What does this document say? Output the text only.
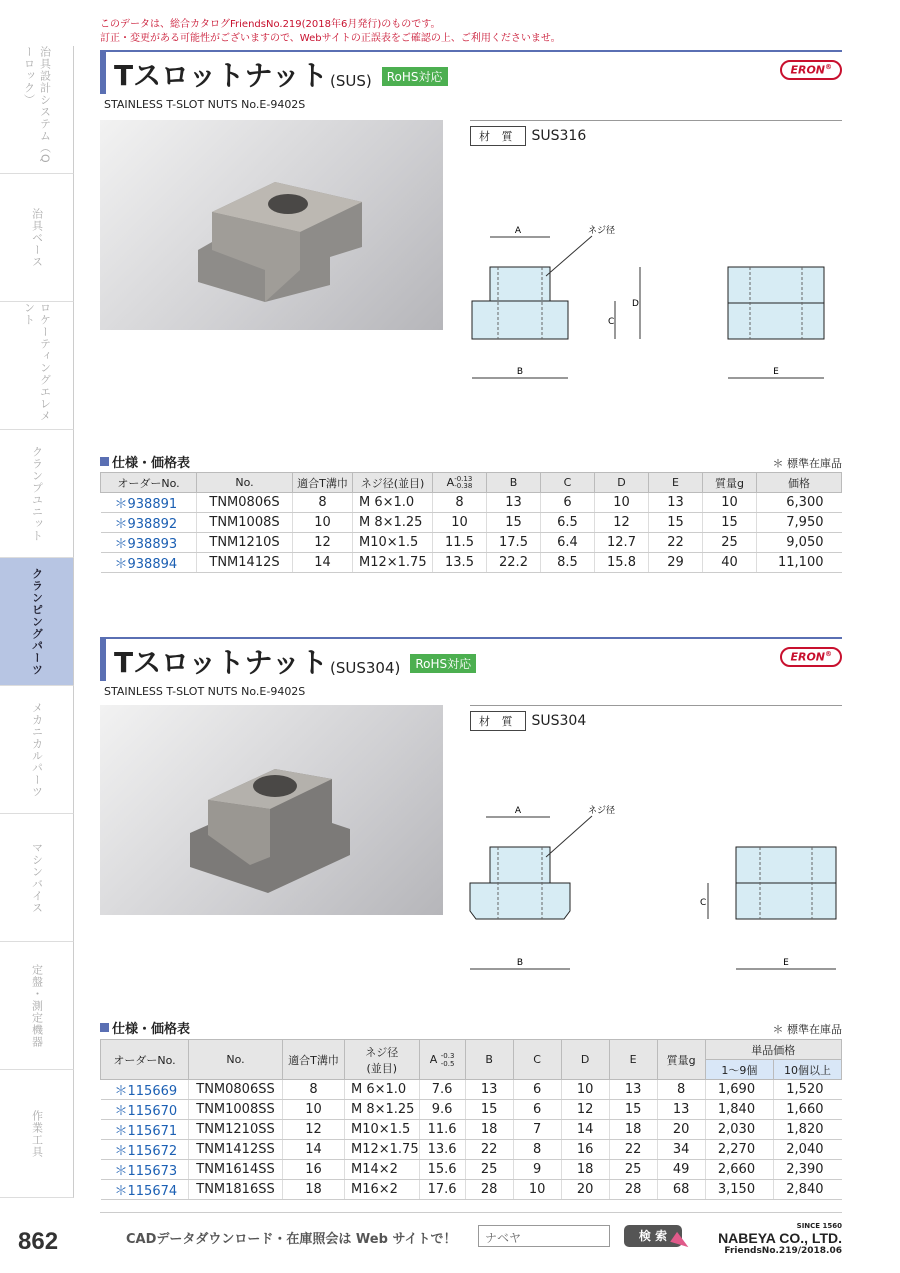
このデータは、総合カタログFriendsNo.219(2018年6月発行)のものです。
訂正・変更がある可能性がございますので、Webサイトの正誤表をご確認の上、ご利用くださいませ。
治具設計システム（Qーロック）
治具ベース
ロケーティングエレメント
クランプユニット
クランピングパーツ
メカニカルパーツ
マシンバイス
定盤・測定機器
作業工具
Tスロットナット (SUS)	RoHS対応	ERON®
STAINLESS T-SLOT NUTS No.E-9402S
材 質	SUS316
A	ネジ径
B
C
D
E
仕様・価格表	＊ 標準在庫品
オーダーNo.	No.	適合T溝巾	ネジ径(並目)	A-0.13
-0.38	B	C	D	E	質量g	価格
＊938891	TNM0806S	8	M 6×1.0	8	13	6	10	13	10	6,300
＊938892	TNM1008S	10	M 8×1.25	10	15	6.5	12	15	15	7,950
＊938893	TNM1210S	12	M10×1.5	11.5	17.5	6.4	12.7	22	25	9,050
＊938894	TNM1412S	14	M12×1.75	13.5	22.2	8.5	15.8	29	40	11,100
Tスロットナット (SUS304)	RoHS対応	ERON®
STAINLESS T-SLOT NUTS No.E-9402S
材 質	SUS304
A	ネジ径
B
C
E
仕様・価格表	＊ 標準在庫品
オーダーNo.	No.	適合T溝巾	ネジ径
(並目)	A -0.3
-0.5	B	C	D	E	質量g	単品価格	
										1〜9個	10個以上
＊115669	TNM0806SS	8	M 6×1.0	7.6	13	6	10	13	8	1,690	1,520
＊115670	TNM1008SS	10	M 8×1.25	9.6	15	6	12	15	13	1,840	1,660
＊115671	TNM1210SS	12	M10×1.5	11.6	18	7	14	18	20	2,030	1,820
＊115672	TNM1412SS	14	M12×1.75	13.6	22	8	16	22	34	2,270	2,040
＊115673	TNM1614SS	16	M14×2	15.6	25	9	18	25	49	2,660	2,390
＊115674	TNM1816SS	18	M16×2	17.6	28	10	20	28	68	3,150	2,840
862	CADデータダウンロード・在庫照会は Web サイトで！	ナベヤ	検 索
SINCE 1560
NABEYA CO., LTD.
FriendsNo.219/2018.06
